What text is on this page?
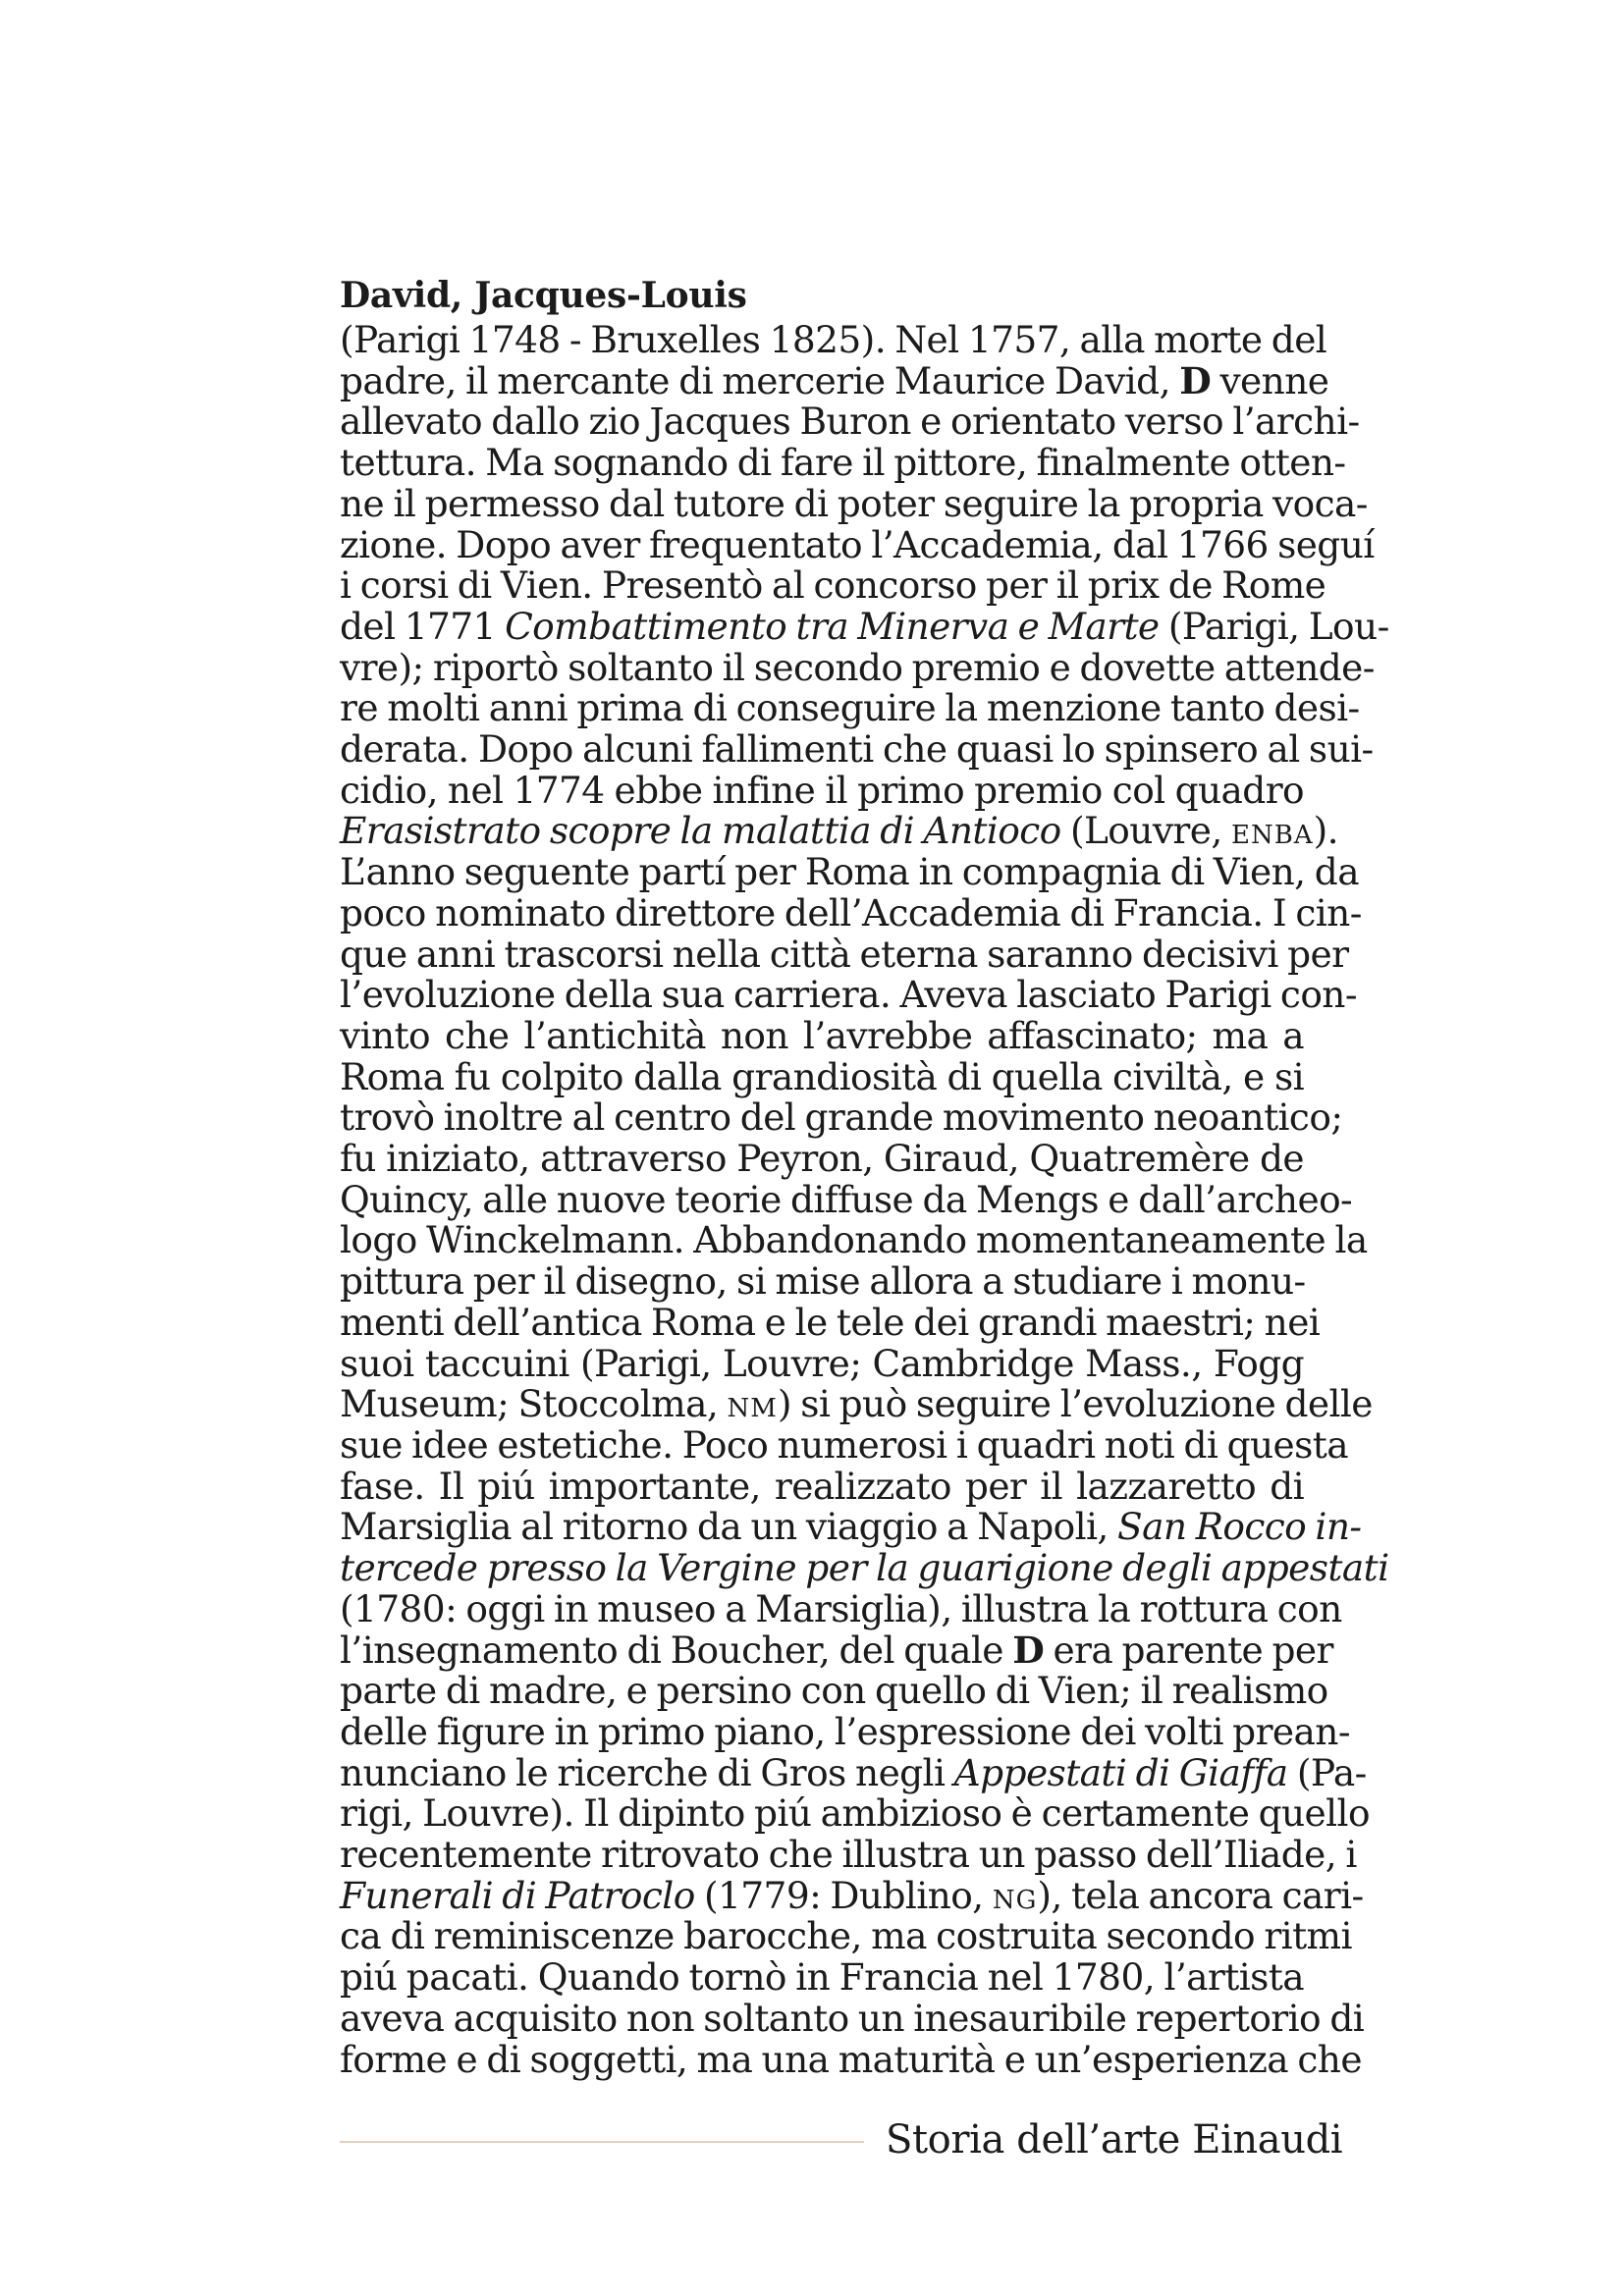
David, Jacques-Louis
(Parigi 1748 - Bruxelles 1825). Nel 1757, alla morte del
padre, il mercante di mercerie Maurice David, D venne
allevato dallo zio Jacques Buron e orientato verso l’archi-
tettura. Ma sognando di fare il pittore, finalmente otten-
ne il permesso dal tutore di poter seguire la propria voca-
zione. Dopo aver frequentato l’Accademia, dal 1766 seguí
i corsi di Vien. Presentò al concorso per il prix de Rome
del 1771 Combattimento tra Minerva e Marte (Parigi, Lou-
vre); riportò soltanto il secondo premio e dovette attende-
re molti anni prima di conseguire la menzione tanto desi-
derata. Dopo alcuni fallimenti che quasi lo spinsero al sui-
cidio, nel 1774 ebbe infine il primo premio col quadro
Erasistrato scopre la malattia di Antioco (Louvre, enba).
L’anno seguente partí per Roma in compagnia di Vien, da
poco nominato direttore dell’Accademia di Francia. I cin-
que anni trascorsi nella città eterna saranno decisivi per
l’evoluzione della sua carriera. Aveva lasciato Parigi con-
vinto che l’antichità non l’avrebbe affascinato; ma a
Roma fu colpito dalla grandiosità di quella civiltà, e si
trovò inoltre al centro del grande movimento neoantico;
fu iniziato, attraverso Peyron, Giraud, Quatremère de
Quincy, alle nuove teorie diffuse da Mengs e dall’archeo-
logo Winckelmann. Abbandonando momentaneamente la
pittura per il disegno, si mise allora a studiare i monu-
menti dell’antica Roma e le tele dei grandi maestri; nei
suoi taccuini (Parigi, Louvre; Cambridge Mass., Fogg
Museum; Stoccolma, nm) si può seguire l’evoluzione delle
sue idee estetiche. Poco numerosi i quadri noti di questa
fase. Il piú importante, realizzato per il lazzaretto di
Marsiglia al ritorno da un viaggio a Napoli, San Rocco in-
tercede presso la Vergine per la guarigione degli appestati
(1780: oggi in museo a Marsiglia), illustra la rottura con
l’insegnamento di Boucher, del quale D era parente per
parte di madre, e persino con quello di Vien; il realismo
delle figure in primo piano, l’espressione dei volti prean-
nunciano le ricerche di Gros negli Appestati di Giaffa (Pa-
rigi, Louvre). Il dipinto piú ambizioso è certamente quello
recentemente ritrovato che illustra un passo dell’Iliade, i
Funerali di Patroclo (1779: Dublino, ng), tela ancora cari-
ca di reminiscenze barocche, ma costruita secondo ritmi
piú pacati. Quando tornò in Francia nel 1780, l’artista
aveva acquisito non soltanto un inesauribile repertorio di
forme e di soggetti, ma una maturità e un’esperienza che
Storia dell’arte Einaudi
